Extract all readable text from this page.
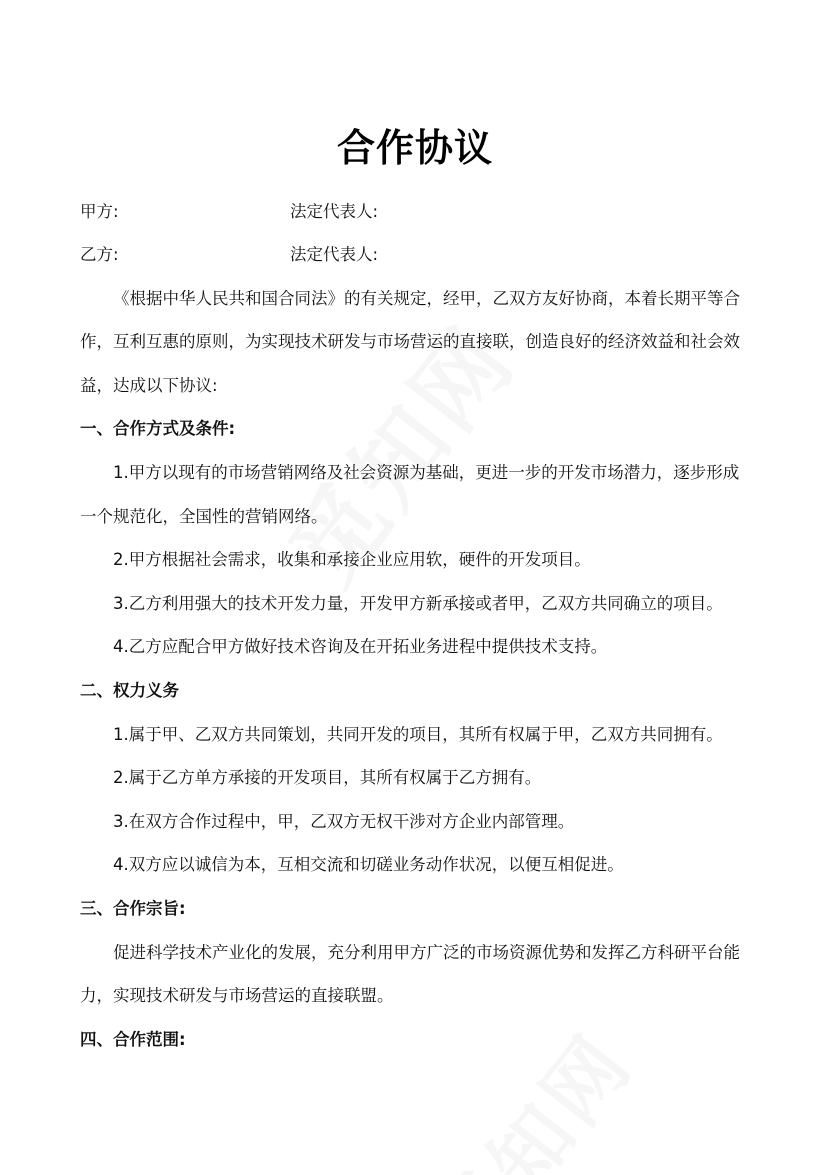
合作协议
甲方:	法定代表人:
乙方:	法定代表人:

《根据中华人民共和国合同法》的有关规定，经甲，乙双方友好协商，本着长期平等合

作，互利互惠的原则，为实现技术研发与市场营运的直接联，创造良好的经济效益和社会效

益，达成以下协议:

一、合作方式及条件:

1.甲方以现有的市场营销网络及社会资源为基础，更进一步的开发市场潜力，逐步形成

一个规范化，全国性的营销网络。

2.甲方根据社会需求，收集和承接企业应用软，硬件的开发项目。

3.乙方利用强大的技术开发力量，开发甲方新承接或者甲，乙双方共同确立的项目。

4.乙方应配合甲方做好技术咨询及在开拓业务进程中提供技术支持。

二、权力义务

1.属于甲、乙双方共同策划，共同开发的项目，其所有权属于甲，乙双方共同拥有。

2.属于乙方单方承接的开发项目，其所有权属于乙方拥有。

3.在双方合作过程中，甲，乙双方无权干涉对方企业内部管理。

4.双方应以诚信为本，互相交流和切磋业务动作状况，以便互相促进。

三、合作宗旨:

促进科学技术产业化的发展，充分利用甲方广泛的市场资源优势和发挥乙方科研平台能

力，实现技术研发与市场营运的直接联盟。

四、合作范围:
